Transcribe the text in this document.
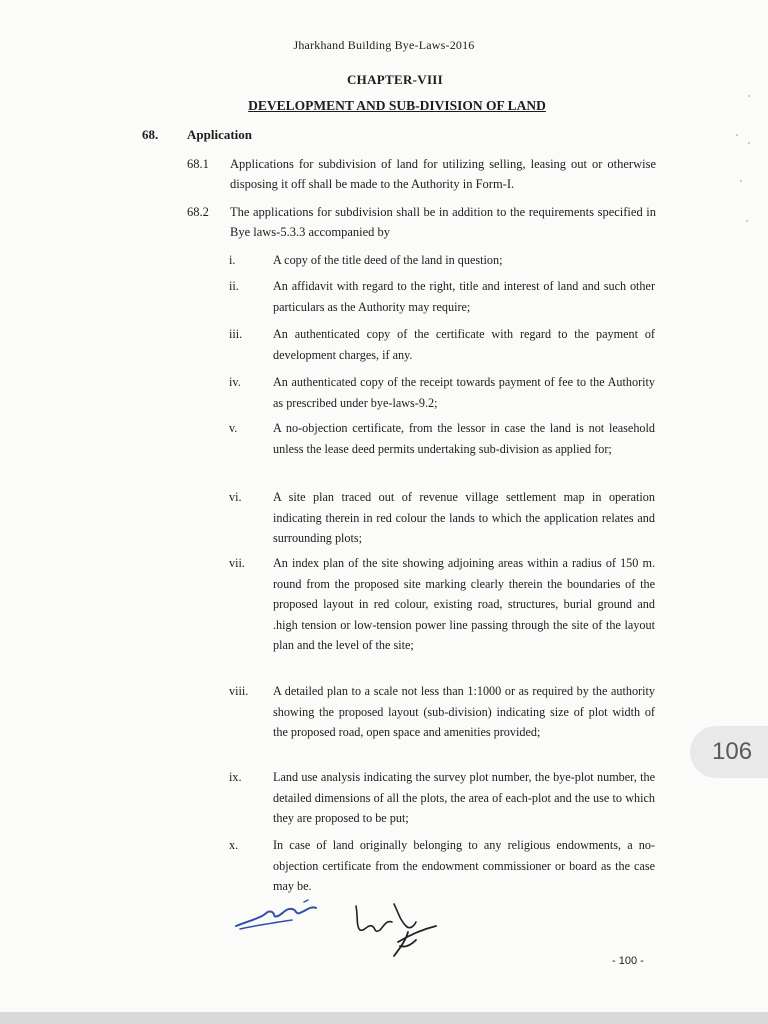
Jharkhand Building Bye-Laws-2016
CHAPTER-VIII
DEVELOPMENT AND SUB-DIVISION OF LAND
68. Application
68.1 Applications for subdivision of land for utilizing selling, leasing out or otherwise disposing it off shall be made to the Authority in Form-I.
68.2 The applications for subdivision shall be in addition to the requirements specified in Bye laws-5.3.3 accompanied by
i.	A copy of the title deed of the land in question;
ii.	An affidavit with regard to the right, title and interest of land and such other particulars as the Authority may require;
iii.	An authenticated copy of the certificate with regard to the payment of development charges, if any.
iv.	An authenticated copy of the receipt towards payment of fee to the Authority as prescribed under bye-laws-9.2;
v.	A no-objection certificate, from the lessor in case the land is not leasehold unless the lease deed permits undertaking sub-division as applied for;
vi.	A site plan traced out of revenue village settlement map in operation indicating therein in red colour the lands to which the application relates and surrounding plots;
vii. An index plan of the site showing adjoining areas within a radius of 150 m. round from the proposed site marking clearly therein the boundaries of the proposed layout in red colour, existing road, structures, burial ground and .high tension or low-tension power line passing through the site of the layout plan and the level of the site;
viii. A detailed plan to a scale not less than 1:1000 or as required by the authority showing the proposed layout (sub-division) indicating size of plot width of the proposed road, open space and amenities provided;
ix.	Land use analysis indicating the survey plot number, the bye-plot number, the detailed dimensions of all the plots, the area of each-plot and the use to which they are proposed to be put;
x.	In case of land originally belonging to any religious endowments, a no- objection certificate from the endowment commissioner or board as the case may be.
- 100 -
106
